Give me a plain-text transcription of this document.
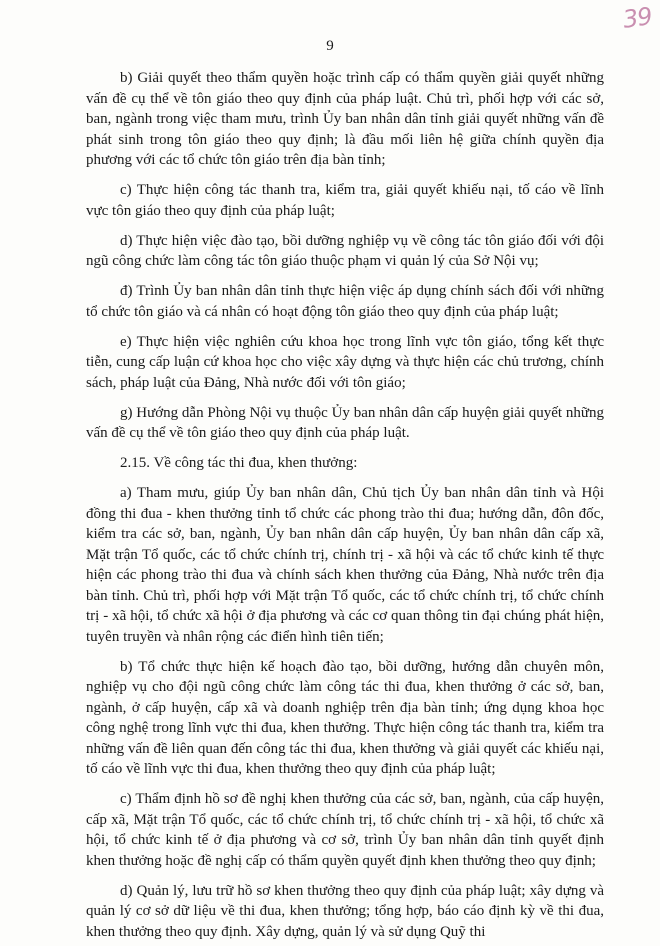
39
9

b) Giải quyết theo thẩm quyền hoặc trình cấp có thẩm quyền giải quyết những vấn đề cụ thể về tôn giáo theo quy định của pháp luật. Chủ trì, phối hợp với các sở, ban, ngành trong việc tham mưu, trình Ủy ban nhân dân tỉnh giải quyết những vấn đề phát sinh trong tôn giáo theo quy định; là đầu mối liên hệ giữa chính quyền địa phương với các tổ chức tôn giáo trên địa bàn tỉnh;

c) Thực hiện công tác thanh tra, kiểm tra, giải quyết khiếu nại, tố cáo về lĩnh vực tôn giáo theo quy định của pháp luật;

d) Thực hiện việc đào tạo, bồi dưỡng nghiệp vụ về công tác tôn giáo đối với đội ngũ công chức làm công tác tôn giáo thuộc phạm vi quản lý của Sở Nội vụ;

đ) Trình Ủy ban nhân dân tỉnh thực hiện việc áp dụng chính sách đối với những tổ chức tôn giáo và cá nhân có hoạt động tôn giáo theo quy định của pháp luật;

e) Thực hiện việc nghiên cứu khoa học trong lĩnh vực tôn giáo, tổng kết thực tiễn, cung cấp luận cứ khoa học cho việc xây dựng và thực hiện các chủ trương, chính sách, pháp luật của Đảng, Nhà nước đối với tôn giáo;

g) Hướng dẫn Phòng Nội vụ thuộc Ủy ban nhân dân cấp huyện giải quyết những vấn đề cụ thể về tôn giáo theo quy định của pháp luật.

2.15. Về công tác thi đua, khen thưởng:

a) Tham mưu, giúp Ủy ban nhân dân, Chủ tịch Ủy ban nhân dân tỉnh và Hội đồng thi đua - khen thưởng tỉnh tổ chức các phong trào thi đua; hướng dẫn, đôn đốc, kiểm tra các sở, ban, ngành, Ủy ban nhân dân cấp huyện, Ủy ban nhân dân cấp xã, Mặt trận Tổ quốc, các tổ chức chính trị, chính trị - xã hội và các tổ chức kinh tế thực hiện các phong trào thi đua và chính sách khen thưởng của Đảng, Nhà nước trên địa bàn tỉnh. Chủ trì, phối hợp với Mặt trận Tổ quốc, các tổ chức chính trị, tổ chức chính trị - xã hội, tổ chức xã hội ở địa phương và các cơ quan thông tin đại chúng phát hiện, tuyên truyền và nhân rộng các điển hình tiên tiến;

b) Tổ chức thực hiện kế hoạch đào tạo, bồi dưỡng, hướng dẫn chuyên môn, nghiệp vụ cho đội ngũ công chức làm công tác thi đua, khen thưởng ở các sở, ban, ngành, ở cấp huyện, cấp xã và doanh nghiệp trên địa bàn tỉnh; ứng dụng khoa học công nghệ trong lĩnh vực thi đua, khen thưởng. Thực hiện công tác thanh tra, kiểm tra những vấn đề liên quan đến công tác thi đua, khen thưởng và giải quyết các khiếu nại, tố cáo về lĩnh vực thi đua, khen thưởng theo quy định của pháp luật;

c) Thẩm định hồ sơ đề nghị khen thưởng của các sở, ban, ngành, của cấp huyện, cấp xã, Mặt trận Tổ quốc, các tổ chức chính trị, tổ chức chính trị - xã hội, tổ chức xã hội, tổ chức kinh tế ở địa phương và cơ sở, trình Ủy ban nhân dân tỉnh quyết định khen thưởng hoặc đề nghị cấp có thẩm quyền quyết định khen thưởng theo quy định;

d) Quản lý, lưu trữ hồ sơ khen thưởng theo quy định của pháp luật; xây dựng và quản lý cơ sở dữ liệu về thi đua, khen thưởng; tổng hợp, báo cáo định kỳ về thi đua, khen thưởng theo quy định. Xây dựng, quản lý và sử dụng Quỹ thi
